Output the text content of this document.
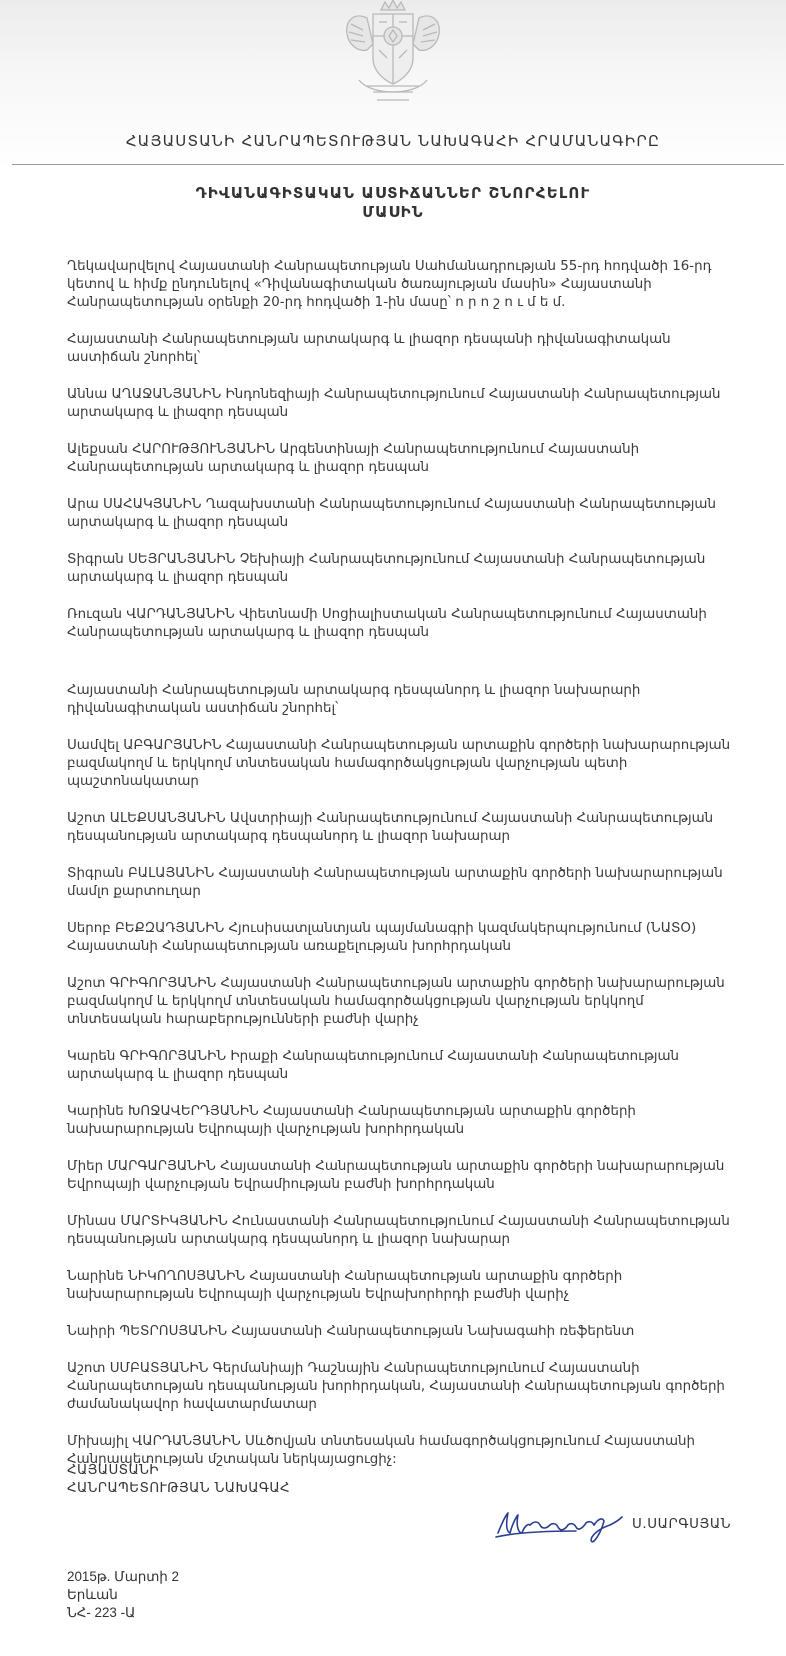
ՀԱՅԱՍՏԱՆԻ ՀԱՆՐԱՊԵՏՈՒԹՅԱՆ ՆԱԽԱԳԱՀԻ ՀՐԱՄԱՆԱԳԻՐԸ
ԴԻՎԱՆԱԳԻՏԱԿԱՆ ԱՍՏԻՃԱՆՆԵՐ ՇՆՈՐՀԵԼՈՒ
ՄԱՍԻՆ

Ղեկավարվելով Հայաստանի Հանրապետության Սահմանադրության 55-րդ հոդվածի 16-րդ կետով և հիմք ընդունելով «Դիվանագիտական ծառայության մասին» Հայաստանի Հանրապետության օրենքի 20-րդ հոդվածի 1-ին մասը՝ ո ր ո շ ո ւ մ ե մ.

Հայաստանի Հանրապետության արտակարգ և լիազոր դեսպանի դիվանագիտական աստիճան շնորհել՝

Աննա ԱՂԱՋԱՆՅԱՆԻՆ Ինդոնեզիայի Հանրապետությունում Հայաստանի Հանրապետության արտակարգ և լիազոր դեսպան

Ալեքսան ՀԱՐՈՒԹՅՈՒՆՅԱՆԻՆ Արգենտինայի Հանրապետությունում Հայաստանի Հանրապետության արտակարգ և լիազոր դեսպան

Արա ՍԱՀԱԿՅԱՆԻՆ Ղազախստանի Հանրապետությունում Հայաստանի Հանրապետության արտակարգ և լիազոր դեսպան

Տիգրան ՍԵՅՐԱՆՅԱՆԻՆ Չեխիայի Հանրապետությունում Հայաստանի Հանրապետության արտակարգ և լիազոր դեսպան

Ռուզան ՎԱՐԴԱՆՅԱՆԻՆ Վիետնամի Սոցիալիստական Հանրապետությունում Հայաստանի Հանրապետության արտակարգ և լիազոր դեսպան

Հայաստանի Հանրապետության արտակարգ դեսպանորդ և լիազոր նախարարի դիվանագիտական աստիճան շնորհել՝

Սամվել ԱԲԳԱՐՅԱՆԻՆ Հայաստանի Հանրապետության արտաքին գործերի նախարարության բազմակողմ և երկկողմ տնտեսական համագործակցության վարչության պետի պաշտոնակատար

Աշոտ ԱԼԵՔՍԱՆՅԱՆԻՆ Ավստրիայի Հանրապետությունում Հայաստանի Հանրապետության դեսպանության արտակարգ դեսպանորդ և լիազոր նախարար

Տիգրան ԲԱԼԱՅԱՆԻՆ Հայաստանի Հանրապետության արտաքին գործերի նախարարության մամլո քարտուղար

Սերոբ ԲԵՔԶԱԴՅԱՆԻՆ Հյուսիսատլանտյան պայմանագրի կազմակերպությունում (ՆԱՏՕ) Հայաստանի Հանրապետության առաքելության խորհրդական

Աշոտ ԳՐԻԳՈՐՅԱՆԻՆ Հայաստանի Հանրապետության արտաքին գործերի նախարարության բազմակողմ և երկկողմ տնտեսական համագործակցության վարչության երկկողմ տնտեսական հարաբերությունների բաժնի վարիչ

Կարեն ԳՐԻԳՈՐՅԱՆԻՆ Իրաքի Հանրապետությունում Հայաստանի Հանրապետության արտակարգ և լիազոր դեսպան

Կարինե ԽՈՋԱՎԵՐԴՅԱՆԻՆ Հայաստանի Հանրապետության արտաքին գործերի նախարարության Եվրոպայի վարչության խորհրդական

Միեր ՄԱՐԳԱՐՅԱՆԻՆ Հայաստանի Հանրապետության արտաքին գործերի նախարարության Եվրոպայի վարչության Եվրամիության բաժնի խորհրդական

Մինաս ՄԱՐՏԻԿՅԱՆԻՆ Հունաստանի Հանրապետությունում Հայաստանի Հանրապետության դեսպանության արտակարգ դեսպանորդ և լիազոր նախարար

Նարինե ՆԻԿՈՂՈՍՅԱՆԻՆ Հայաստանի Հանրապետության արտաքին գործերի նախարարության Եվրոպայի վարչության Եվրախորհրդի բաժնի վարիչ

Նաիրի ՊԵՏՐՈՍՅԱՆԻՆ Հայաստանի Հանրապետության Նախագահի ռեֆերենտ

Աշոտ ՍՄԲԱՏՅԱՆԻՆ Գերմանիայի Դաշնային Հանրապետությունում Հայաստանի Հանրապետության դեսպանության խորհրդական, Հայաստանի Հանրապետության գործերի ժամանակավոր հավատարմատար

Միխայիլ ՎԱՐԴԱՆՅԱՆԻՆ Սևծովյան տնտեսական համագործակցությունում Հայաստանի Հանրապետության մշտական ներկայացուցիչ:

ՀԱՅԱՍՏԱՆԻ
ՀԱՆՐԱՊԵՏՈՒԹՅԱՆ ՆԱԽԱԳԱՀ
Ս.ՍԱՐԳՍՅԱՆ
2015թ. Մարտի 2
Երևան
ՆՀ- 223 -Ա
